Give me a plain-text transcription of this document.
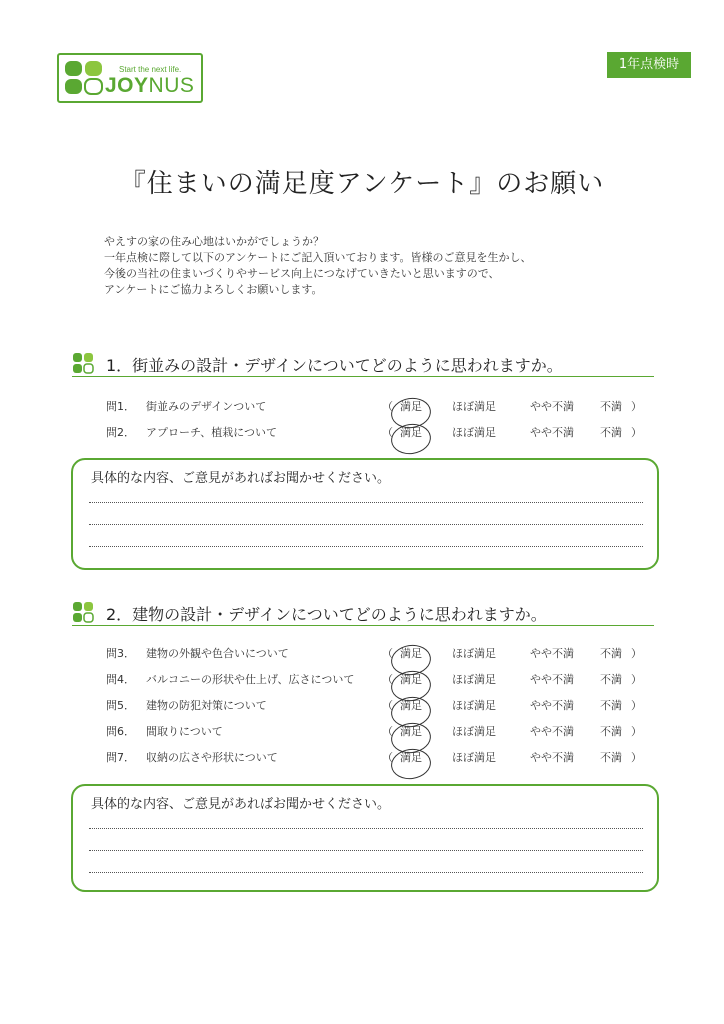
Start the next life.
JOYNUS
1年点検時
『住まいの満足度アンケート』のお願い
やえすの家の住み心地はいかがでしょうか？
一年点検に際して以下のアンケートにご記入頂いております。皆様のご意見を生かし、
今後の当社の住まいづくりやサービス向上につなげていきたいと思いますので、
アンケートにご協力よろしくお願いします。
1．街並みの設計・デザインについてどのように思われますか。
問1． 街並みのデザインついて	（ 満足	ほぼ満足	やや不満 不満 ）
問2． アプローチ、植栽について	（ 満足	ほぼ満足	やや不満 不満 ）
具体的な内容、ご意見があればお聞かせください。
2．建物の設計・デザインについてどのように思われますか。
問3． 建物の外観や色合いについて	（ 満足	ほぼ満足	やや不満 不満 ）
問4． バルコニーの形状や仕上げ、広さについて	（ 満足	ほぼ満足	やや不満 不満 ）
問5． 建物の防犯対策について	（ 満足	ほぼ満足	やや不満 不満 ）
問6． 間取りについて	（ 満足	ほぼ満足	やや不満 不満 ）
問7． 収納の広さや形状について	（ 満足	ほぼ満足	やや不満 不満 ）
具体的な内容、ご意見があればお聞かせください。
